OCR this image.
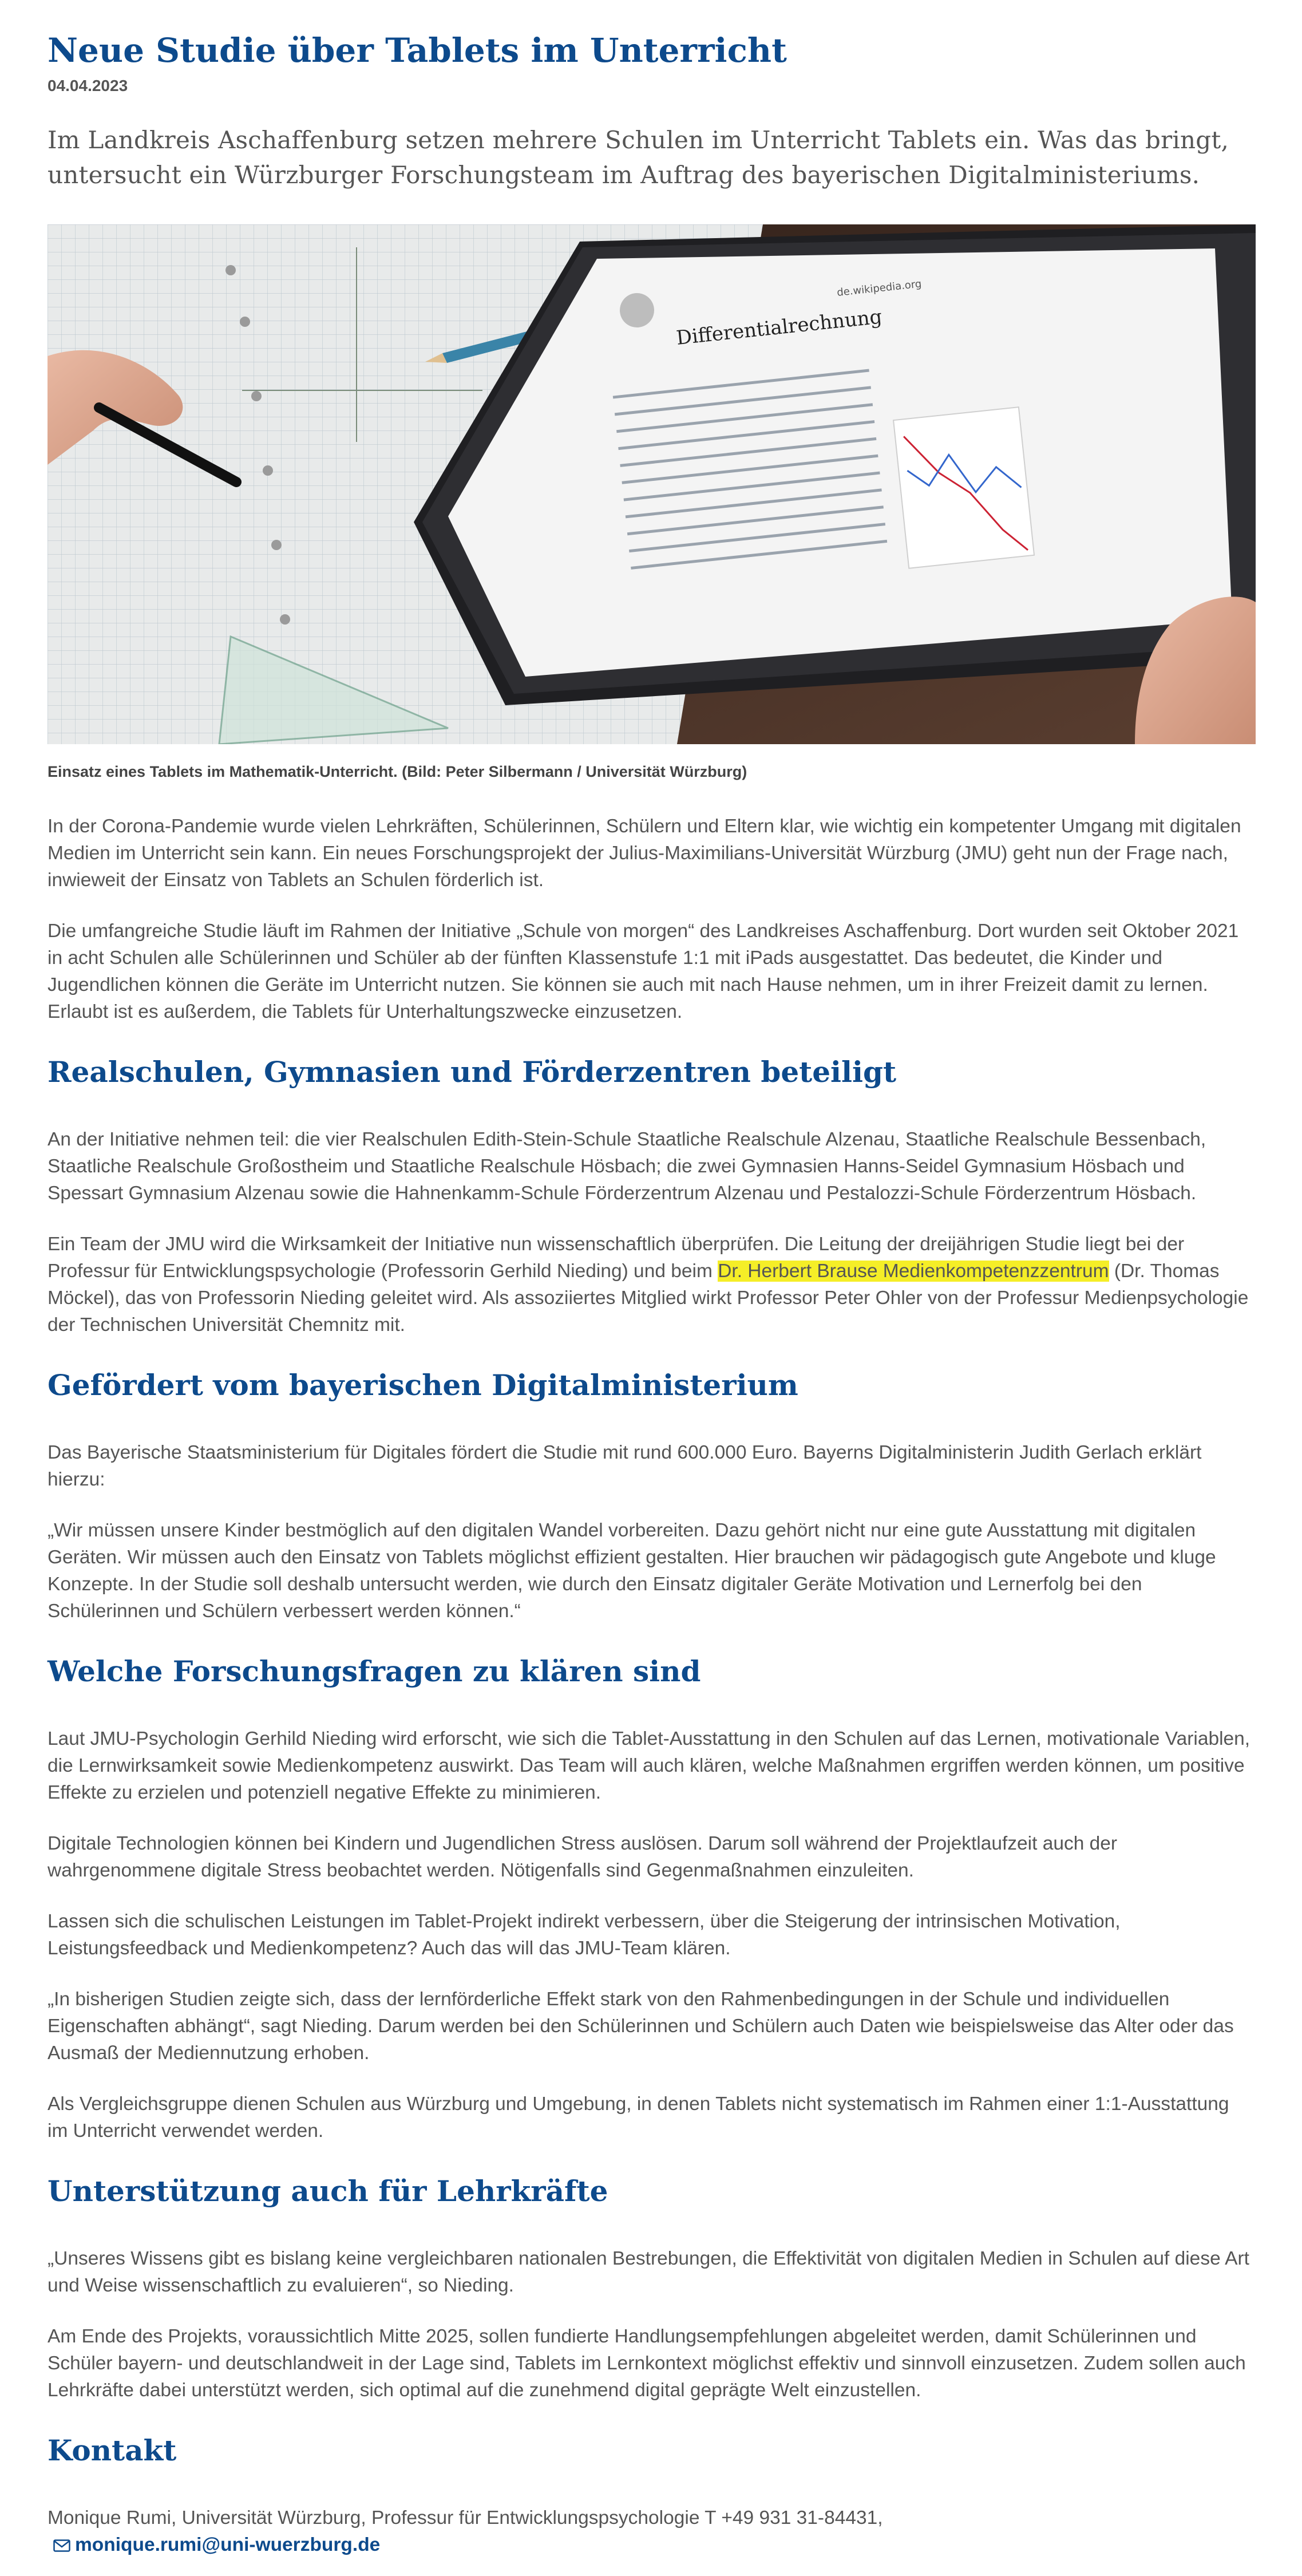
Neue Studie über Tablets im Unterricht
04.04.2023

Im Landkreis Aschaffenburg setzen mehrere Schulen im Unterricht Tablets ein. Was das bringt, untersucht ein Würzburger Forschungsteam im Auftrag des bayerischen Digitalministeriums.

Differentialrechnung
de.wikipedia.org
Einsatz eines Tablets im Mathematik-Unterricht. (Bild: Peter Silbermann / Universität Würzburg)

In der Corona-Pandemie wurde vielen Lehrkräften, Schülerinnen, Schülern und Eltern klar, wie wichtig ein kompetenter Umgang mit digitalen Medien im Unterricht sein kann. Ein neues Forschungsprojekt der Julius-Maximilians-Universität Würzburg (JMU) geht nun der Frage nach, inwieweit der Einsatz von Tablets an Schulen förderlich ist.

Die umfangreiche Studie läuft im Rahmen der Initiative „Schule von morgen“ des Landkreises Aschaffenburg. Dort wurden seit Oktober 2021 in acht Schulen alle Schülerinnen und Schüler ab der fünften Klassenstufe 1:1 mit iPads ausgestattet. Das bedeutet, die Kinder und Jugendlichen können die Geräte im Unterricht nutzen. Sie können sie auch mit nach Hause nehmen, um in ihrer Freizeit damit zu lernen. Erlaubt ist es außerdem, die Tablets für Unterhaltungszwecke einzusetzen.

Realschulen, Gymnasien und Förderzentren beteiligt

An der Initiative nehmen teil: die vier Realschulen Edith-Stein-Schule Staatliche Realschule Alzenau, Staatliche Realschule Bessenbach, Staatliche Realschule Großostheim und Staatliche Realschule Hösbach; die zwei Gymnasien Hanns-Seidel Gymnasium Hösbach und Spessart Gymnasium Alzenau sowie die Hahnenkamm-Schule Förderzentrum Alzenau und Pestalozzi-Schule Förderzentrum Hösbach.

Ein Team der JMU wird die Wirksamkeit der Initiative nun wissenschaftlich überprüfen. Die Leitung der dreijährigen Studie liegt bei der Professur für Entwicklungspsychologie (Professorin Gerhild Nieding) und beim Dr. Herbert Brause Medienkompetenzzentrum (Dr. Thomas Möckel), das von Professorin Nieding geleitet wird. Als assoziiertes Mitglied wirkt Professor Peter Ohler von der Professur Medienpsychologie der Technischen Universität Chemnitz mit.

Gefördert vom bayerischen Digitalministerium

Das Bayerische Staatsministerium für Digitales fördert die Studie mit rund 600.000 Euro. Bayerns Digitalministerin Judith Gerlach erklärt hierzu:

„Wir müssen unsere Kinder bestmöglich auf den digitalen Wandel vorbereiten. Dazu gehört nicht nur eine gute Ausstattung mit digitalen Geräten. Wir müssen auch den Einsatz von Tablets möglichst effizient gestalten. Hier brauchen wir pädagogisch gute Angebote und kluge Konzepte. In der Studie soll deshalb untersucht werden, wie durch den Einsatz digitaler Geräte Motivation und Lernerfolg bei den Schülerinnen und Schülern verbessert werden können.“

Welche Forschungsfragen zu klären sind

Laut JMU-Psychologin Gerhild Nieding wird erforscht, wie sich die Tablet-Ausstattung in den Schulen auf das Lernen, motivationale Variablen, die Lernwirksamkeit sowie Medienkompetenz auswirkt. Das Team will auch klären, welche Maßnahmen ergriffen werden können, um positive Effekte zu erzielen und potenziell negative Effekte zu minimieren.

Digitale Technologien können bei Kindern und Jugendlichen Stress auslösen. Darum soll während der Projektlaufzeit auch der wahrgenommene digitale Stress beobachtet werden. Nötigenfalls sind Gegenmaßnahmen einzuleiten.

Lassen sich die schulischen Leistungen im Tablet-Projekt indirekt verbessern, über die Steigerung der intrinsischen Motivation, Leistungsfeedback und Medienkompetenz? Auch das will das JMU-Team klären.

„In bisherigen Studien zeigte sich, dass der lernförderliche Effekt stark von den Rahmenbedingungen in der Schule und individuellen Eigenschaften abhängt“, sagt Nieding. Darum werden bei den Schülerinnen und Schülern auch Daten wie beispielsweise das Alter oder das Ausmaß der Mediennutzung erhoben.

Als Vergleichsgruppe dienen Schulen aus Würzburg und Umgebung, in denen Tablets nicht systematisch im Rahmen einer 1:1-Ausstattung im Unterricht verwendet werden.

Unterstützung auch für Lehrkräfte

„Unseres Wissens gibt es bislang keine vergleichbaren nationalen Bestrebungen, die Effektivität von digitalen Medien in Schulen auf diese Art und Weise wissenschaftlich zu evaluieren“, so Nieding.

Am Ende des Projekts, voraussichtlich Mitte 2025, sollen fundierte Handlungsempfehlungen abgeleitet werden, damit Schülerinnen und Schüler bayern- und deutschlandweit in der Lage sind, Tablets im Lernkontext möglichst effektiv und sinnvoll einzusetzen. Zudem sollen auch Lehrkräfte dabei unterstützt werden, sich optimal auf die zunehmend digital geprägte Welt einzustellen.

Kontakt

Monique Rumi, Universität Würzburg, Professur für Entwicklungspsychologie T +49 931 31-84431,

monique.rumi@uni-wuerzburg.de
